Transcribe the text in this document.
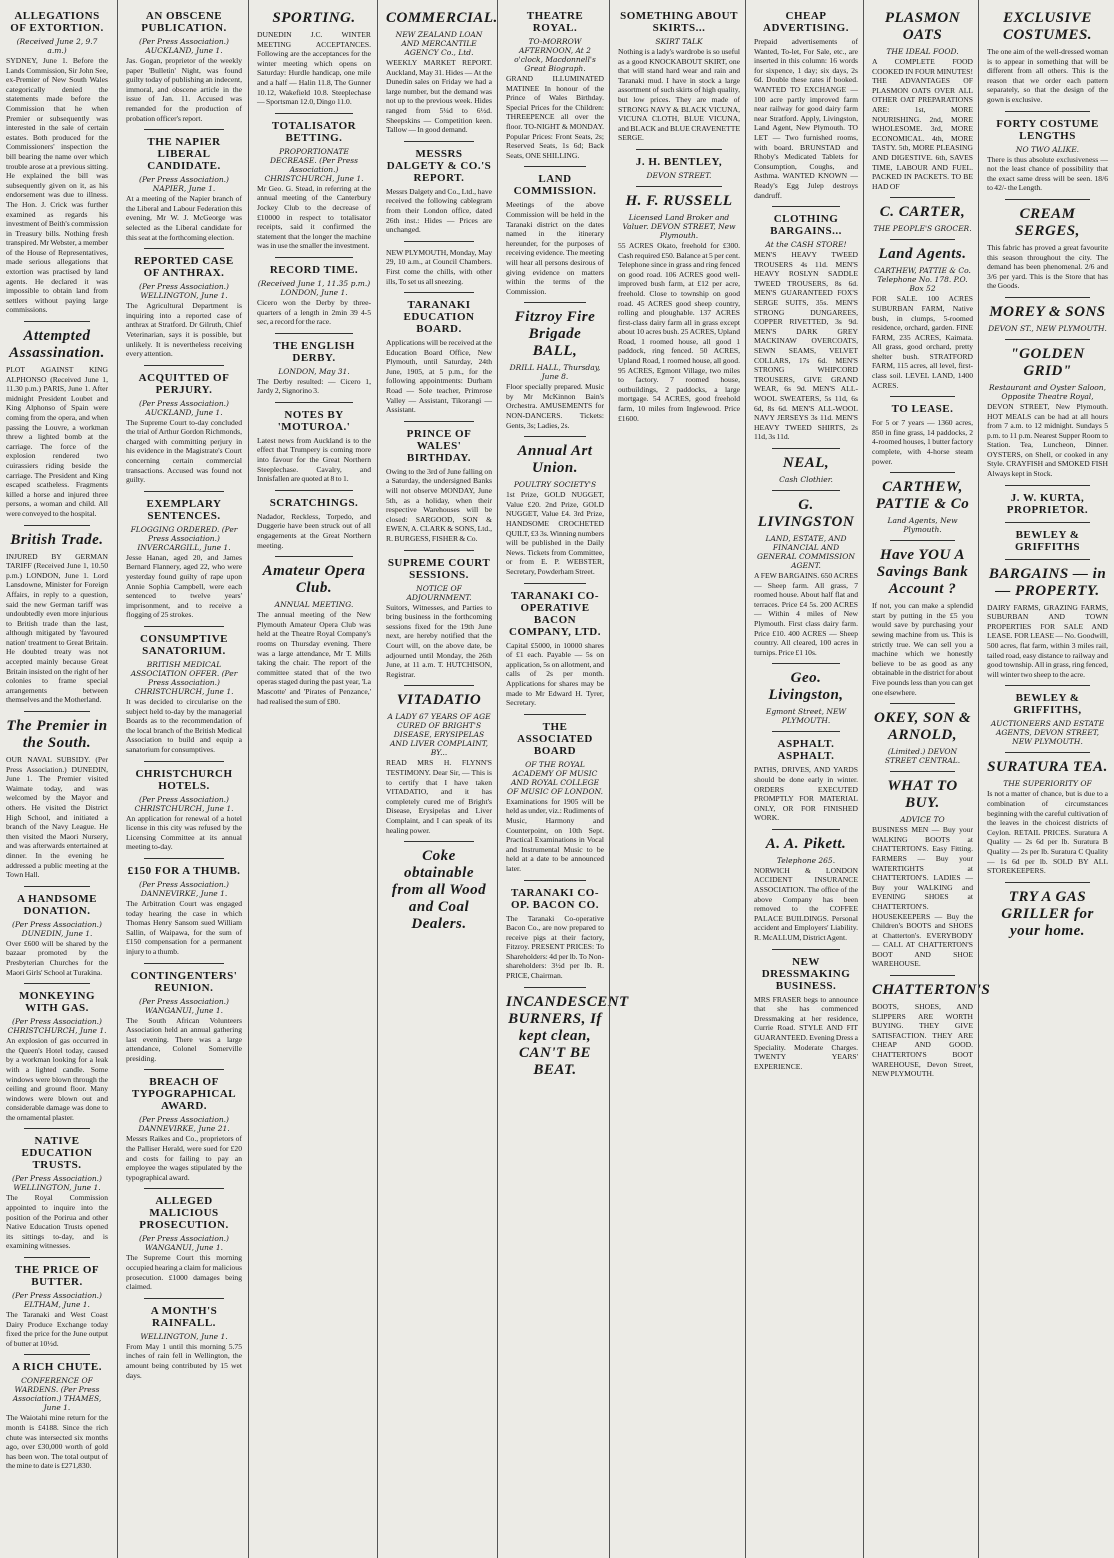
ALLEGATIONS OF EXTORTION.
(Received June 2, 9.7 a.m.)

SYDNEY, June 1. Before the Lands Commission, Sir John See, ex-Premier of New South Wales categorically denied the statements made before the Commission that he when Premier or subsequently was interested in the sale of certain estates. Both produced for the Commissioners' inspection the bill bearing the name over which trouble arose at a previous sitting. He explained the bill was subsequently given on it, as his endorsement was due to illness. The Hon. J. Crick was further examined as regards his investment of Beith's commission in Treasury bills. Nothing fresh transpired. Mr Webster, a member of the House of Representatives, made serious allegations that extortion was practised by land agents. He declared it was impossible to obtain land from settlers without paying large commissions.

Attempted Assassination.

PLOT AGAINST KING ALPHONSO (Received June 1, 11.30 p.m.) PARIS, June 1. After midnight President Loubet and King Alphonso of Spain were coming from the opera, and when passing the Louvre, a workman threw a lighted bomb at the carriage. The force of the explosion rendered two cuirassiers riding beside the carriage. The President and King escaped scatheless. Fragments killed a horse and injured three persons, a woman and child. All were conveyed to the hospital.

British Trade.

INJURED BY GERMAN TARIFF (Received June 1, 10.50 p.m.) LONDON, June 1. Lord Lansdowne, Minister for Foreign Affairs, in reply to a question, said the new German tariff was undoubtedly even more injurious to British trade than the last, although mitigated by 'favoured nation' treatment to Great Britain. He doubted treaty was not accepted mainly because Great Britain insisted on the right of her colonies to frame special arrangements between themselves and the Motherland.

The Premier in the South.

OUR NAVAL SUBSIDY. (Per Press Association.) DUNEDIN, June 1. The Premier visited Waimate today, and was welcomed by the Mayor and others. He visited the District High School, and initiated a branch of the Navy League. He then visited the Maori Nursery, and was afterwards entertained at dinner. In the evening he addressed a public meeting at the Town Hall.

A HANDSOME DONATION.
(Per Press Association.) DUNEDIN, June 1.

Over £600 will be shared by the bazaar promoted by the Presbyterian Churches for the Maori Girls' School at Turakina.

MONKEYING WITH GAS.
(Per Press Association.) CHRISTCHURCH, June 1.

An explosion of gas occurred in the Queen's Hotel today, caused by a workman looking for a leak with a lighted candle. Some windows were blown through the ceiling and ground floor. Many windows were blown out and considerable damage was done to the ornamental plaster.

NATIVE EDUCATION TRUSTS.
(Per Press Association.) WELLINGTON, June 1.

The Royal Commission appointed to inquire into the position of the Porirua and other Native Education Trusts opened its sittings to-day, and is examining witnesses.

THE PRICE OF BUTTER.
(Per Press Association.) ELTHAM, June 1.

The Taranaki and West Coast Dairy Produce Exchange today fixed the price for the June output of butter at 10½d.

A RICH CHUTE.
CONFERENCE OF WARDENS. (Per Press Association.) THAMES, June 1.

The Waiotahi mine return for the month is £4188. Since the rich chute was intersected six months ago, over £30,000 worth of gold has been won. The total output of the mine to date is £271,830.

AN OBSCENE PUBLICATION.
(Per Press Association.) AUCKLAND, June 1.

Jas. Gogan, proprietor of the weekly paper 'Bulletin' Night, was found guilty today of publishing an indecent, immoral, and obscene article in the issue of Jan. 11. Accused was remanded for the production of probation officer's report.

THE NAPIER LIBERAL CANDIDATE.
(Per Press Association.) NAPIER, June 1.

At a meeting of the Napier branch of the Liberal and Labour Federation this evening, Mr W. J. McGeorge was selected as the Liberal candidate for this seat at the forthcoming election.

REPORTED CASE OF ANTHRAX.
(Per Press Association.) WELLINGTON, June 1.

The Agricultural Department is inquiring into a reported case of anthrax at Stratford. Dr Gilruth, Chief Veterinarian, says it is possible, but unlikely. It is nevertheless receiving every attention.

ACQUITTED OF PERJURY.
(Per Press Association.) AUCKLAND, June 1.

The Supreme Court to-day concluded the trial of Arthur Gordon Richmonds, charged with committing perjury in his evidence in the Magistrate's Court concerning certain commercial transactions. Accused was found not guilty.

EXEMPLARY SENTENCES.
FLOGGING ORDERED. (Per Press Association.) INVERCARGILL, June 1.

Jesse Hanan, aged 20, and James Bernard Flannery, aged 22, who were yesterday found guilty of rape upon Annie Sophia Campbell, were each sentenced to twelve years' imprisonment, and to receive a flogging of 25 strokes.

CONSUMPTIVE SANATORIUM.
BRITISH MEDICAL ASSOCIATION OFFER. (Per Press Association.) CHRISTCHURCH, June 1.

It was decided to circularise on the subject held to-day by the managerial Boards as to the recommendation of the local branch of the British Medical Association to build and equip a sanatorium for consumptives.

CHRISTCHURCH HOTELS.
(Per Press Association.) CHRISTCHURCH, June 1.

An application for renewal of a hotel license in this city was refused by the Licensing Committee at its annual meeting to-day.

£150 FOR A THUMB.
(Per Press Association.) DANNEVIRKE, June 1.

The Arbitration Court was engaged today hearing the case in which Thomas Henry Sansom sued William Sallin, of Waipawa, for the sum of £150 compensation for a permanent injury to a thumb.

CONTINGENTERS' REUNION.
(Per Press Association.) WANGANUI, June 1.

The South African Volunteers Association held an annual gathering last evening. There was a large attendance, Colonel Somerville presiding.

BREACH OF TYPOGRAPHICAL AWARD.
(Per Press Association.) DANNEVIRKE, June 21.

Messrs Raikes and Co., proprietors of the Palliser Herald, were sued for £20 and costs for failing to pay an employee the wages stipulated by the typographical award.

ALLEGED MALICIOUS PROSECUTION.
(Per Press Association.) WANGANUI, June 1.

The Supreme Court this morning occupied hearing a claim for malicious prosecution. £1000 damages being claimed.

A MONTH'S RAINFALL.
WELLINGTON, June 1.

From May 1 until this morning 5.75 inches of rain fell in Wellington, the amount being contributed by 15 wet days.

SPORTING.

DUNEDIN J.C. WINTER MEETING ACCEPTANCES. Following are the acceptances for the winter meeting which opens on Saturday: Hurdle handicap, one mile and a half — Halin 11.8, The Gunner 10.12, Wakefield 10.8. Steeplechase — Sportsman 12.0, Dingo 11.0.

TOTALISATOR BETTING.
PROPORTIONATE DECREASE. (Per Press Association.) CHRISTCHURCH, June 1.

Mr Geo. G. Stead, in referring at the annual meeting of the Canterbury Jockey Club to the decrease of £10000 in respect to totalisator receipts, said it confirmed the statement that the longer the machine was in use the smaller the investment.

RECORD TIME.
(Received June 1, 11.35 p.m.) LONDON, June 1.

Cicero won the Derby by three-quarters of a length in 2min 39 4-5 sec, a record for the race.

THE ENGLISH DERBY.
LONDON, May 31.

The Derby resulted: — Cicero 1, Jardy 2, Signorino 3.

NOTES BY 'MOTUROA.'

Latest news from Auckland is to the effect that Trumpery is coming more into favour for the Great Northern Steeplechase. Cavalry, and Innisfallen are quoted at 8 to 1.

SCRATCHINGS.

Nadador, Reckless, Torpedo, and Duggerie have been struck out of all engagements at the Great Northern meeting.

Amateur Opera Club.
ANNUAL MEETING.

The annual meeting of the New Plymouth Amateur Opera Club was held at the Theatre Royal Company's rooms on Thursday evening. There was a large attendance, Mr T. Mills taking the chair. The report of the committee stated that of the two operas staged during the past year, 'La Mascotte' and 'Pirates of Penzance,' had realised the sum of £80.

COMMERCIAL.
NEW ZEALAND LOAN AND MERCANTILE AGENCY Co., Ltd.

WEEKLY MARKET REPORT. Auckland, May 31. Hides — At the Dunedin sales on Friday we had a large number, but the demand was not up to the previous week. Hides ranged from 5¼d to 6½d. Sheepskins — Competition keen. Tallow — In good demand.

MESSRS DALGETY & CO.'S REPORT.

Messrs Dalgety and Co., Ltd., have received the following cablegram from their London office, dated 26th inst.: Hides — Prices are unchanged.

NEW PLYMOUTH, Monday, May 29, 10 a.m., at Council Chambers. First come the chills, with other ills, To set us all sneezing.

TARANAKI EDUCATION BOARD.

Applications will be received at the Education Board Office, New Plymouth, until Saturday, 24th June, 1905, at 5 p.m., for the following appointments: Durham Road — Sole teacher, Primrose Valley — Assistant, Tikorangi — Assistant.

PRINCE OF WALES' BIRTHDAY.

Owing to the 3rd of June falling on a Saturday, the undersigned Banks will not observe MONDAY, June 5th, as a holiday, when their respective Warehouses will be closed: SARGOOD, SON & EWEN, A. CLARK & SONS, Ltd., R. BURGESS, FISHER & Co.

SUPREME COURT SESSIONS.
NOTICE OF ADJOURNMENT.

Suitors, Witnesses, and Parties to bring business in the forthcoming sessions fixed for the 19th June next, are hereby notified that the Court will, on the above date, be adjourned until Monday, the 26th June, at 11 a.m. T. HUTCHISON, Registrar.

VITADATIO
A LADY 67 YEARS OF AGE CURED OF BRIGHT'S DISEASE, ERYSIPELAS AND LIVER COMPLAINT, BY...

READ MRS H. FLYNN'S TESTIMONY. Dear Sir, — This is to certify that I have taken VITADATIO, and it has completely cured me of Bright's Disease, Erysipelas and Liver Complaint, and I can speak of its healing power.

Coke obtainable from all Wood and Coal Dealers.
THEATRE ROYAL.
TO-MORROW AFTERNOON, At 2 o'clock, Macdonnell's Great Biograph.

GRAND ILLUMINATED MATINEE In honour of the Prince of Wales Birthday. Special Prices for the Children: THREEPENCE all over the floor. TO-NIGHT & MONDAY. Popular Prices: Front Seats, 2s; Reserved Seats, 1s 6d; Back Seats, ONE SHILLING.

LAND COMMISSION.

Meetings of the above Commission will be held in the Taranaki district on the dates named in the itinerary hereunder, for the purposes of receiving evidence. The meeting will hear all persons desirous of giving evidence on matters within the terms of the Commission.

Fitzroy Fire Brigade BALL,
DRILL HALL, Thursday, June 8.

Floor specially prepared. Music by Mr McKinnon Bain's Orchestra. AMUSEMENTS for NON-DANCERS. Tickets: Gents, 3s; Ladies, 2s.

Annual Art Union.
POULTRY SOCIETY'S

1st Prize, GOLD NUGGET, Value £20. 2nd Prize, GOLD NUGGET, Value £4. 3rd Prize, HANDSOME CROCHETED QUILT, £3 3s. Winning numbers will be published in the Daily News. Tickets from Committee, or from E. P. WEBSTER, Secretary, Powderham Street.

TARANAKI CO-OPERATIVE BACON COMPANY, LTD.

Capital £5000, in 10000 shares of £1 each. Payable — 5s on application, 5s on allotment, and calls of 2s per month. Applications for shares may be made to Mr Edward H. Tyrer, Secretary.

THE ASSOCIATED BOARD
OF THE ROYAL ACADEMY OF MUSIC AND ROYAL COLLEGE OF MUSIC OF LONDON.

Examinations for 1905 will be held as under, viz.: Rudiments of Music, Harmony and Counterpoint, on 10th Sept. Practical Examinations in Vocal and Instrumental Music to be held at a date to be announced later.

TARANAKI CO-OP. BACON CO.

The Taranaki Co-operative Bacon Co., are now prepared to receive pigs at their factory, Fitzroy. PRESENT PRICES: To Shareholders: 4d per lb. To Non-shareholders: 3½d per lb. R. PRICE, Chairman.

INCANDESCENT BURNERS, If kept clean, CAN'T BE BEAT.
SOMETHING ABOUT SKIRTS...
SKIRT TALK

Nothing is a lady's wardrobe is so useful as a good KNOCKABOUT SKIRT, one that will stand hard wear and rain and Taranaki mud. I have in stock a large assortment of such skirts of high quality, but low prices. They are made of STRONG NAVY & BLACK VICUNA, VICUNA CLOTH, BLUE VICUNA, and BLACK and BLUE CRAVENETTE SERGE.

J. H. BENTLEY,
DEVON STREET.
H. F. RUSSELL
Licensed Land Broker and Valuer. DEVON STREET, New Plymouth.

55 ACRES Okato, freehold for £300. Cash required £50. Balance at 5 per cent. Telephone since in grass and ring fenced on good road. 106 ACRES good well-improved bush farm, at £12 per acre, freehold. Close to township on good road. 45 ACRES good sheep country, rolling and ploughable. 137 ACRES first-class dairy farm all in grass except about 10 acres bush. 25 ACRES, Upland Road, 1 roomed house, all good 1 paddock, ring fenced. 50 ACRES, Upland Road, 1 roomed house, all good. 95 ACRES, Egmont Village, two miles to factory. 7 roomed house, outbuildings, 2 paddocks, a large mortgage. 54 ACRES, good freehold farm, 10 miles from Inglewood. Price £1600.

CHEAP ADVERTISING.

Prepaid advertisements of Wanted, To-let, For Sale, etc., are inserted in this column: 16 words for sixpence, 1 day; six days, 2s 6d. Double these rates if booked. WANTED TO EXCHANGE — 100 acre partly improved farm near railway for good dairy farm near Stratford. Apply, Livingston, Land Agent, New Plymouth. TO LET — Two furnished rooms, with board. BRUNSTAD and Rhoby's Medicated Tablets for Consumption, Coughs, and Asthma. WANTED KNOWN — Ready's Egg Julep destroys dandruff.

CLOTHING BARGAINS...
At the CASH STORE!

MEN'S HEAVY TWEED TROUSERS 4s 11d. MEN'S HEAVY ROSLYN SADDLE TWEED TROUSERS, 8s 6d. MEN'S GUARANTEED FOX'S SERGE SUITS, 35s. MEN'S STRONG DUNGAREES, COPPER RIVETTED, 3s 9d. MEN'S DARK GREY MACKINAW OVERCOATS, SEWN SEAMS, VELVET COLLARS, 17s 6d. MEN'S STRONG WHIPCORD TROUSERS, GIVE GRAND WEAR, 6s 9d. MEN'S ALL-WOOL SWEATERS, 5s 11d, 6s 6d, 8s 6d. MEN'S ALL-WOOL NAVY JERSEYS 3s 11d. MEN'S HEAVY TWEED SHIRTS, 2s 11d, 3s 11d.

NEAL,
Cash Clothier.
G. LIVINGSTON
LAND, ESTATE, AND FINANCIAL AND GENERAL COMMISSION AGENT.

A FEW BARGAINS. 650 ACRES — Sheep farm. All grass, 7 roomed house. About half flat and terraces. Price £4 5s. 200 ACRES — Within 4 miles of New Plymouth. First class dairy farm. Price £10. 400 ACRES — Sheep country. All cleared, 100 acres in turnips. Price £1 10s.

Geo. Livingston,
Egmont Street, NEW PLYMOUTH.
ASPHALT. ASPHALT.

PATHS, DRIVES, AND YARDS should be done early in winter. ORDERS EXECUTED PROMPTLY FOR MATERIAL ONLY, OR FOR FINISHED WORK.

A. A. Pikett.
Telephone 265.

NORWICH & LONDON ACCIDENT INSURANCE ASSOCIATION. The office of the above Company has been removed to the COFFEE PALACE BUILDINGS. Personal accident and Employers' Liability. R. McALLUM, District Agent.

NEW DRESSMAKING BUSINESS.

MRS FRASER begs to announce that she has commenced Dressmaking at her residence, Currie Road. STYLE AND FIT GUARANTEED. Evening Dress a Speciality. Moderate Charges. TWENTY YEARS' EXPERIENCE.

PLASMON OATS
THE IDEAL FOOD.

A COMPLETE FOOD COOKED IN FOUR MINUTES! THE ADVANTAGES OF PLASMON OATS OVER ALL OTHER OAT PREPARATIONS ARE: 1st, MORE NOURISHING. 2nd, MORE WHOLESOME. 3rd, MORE ECONOMICAL. 4th, MORE TASTY. 5th, MORE PLEASING AND DIGESTIVE. 6th, SAVES TIME, LABOUR AND FUEL. PACKED IN PACKETS. TO BE HAD OF

C. CARTER,
THE PEOPLE'S GROCER.
Land Agents.
CARTHEW, PATTIE & Co. Telephone No. 178. P.O. Box 52

FOR SALE. 100 ACRES SUBURBAN FARM, Native bush, in clumps, 5-roomed residence, orchard, garden. FINE FARM, 235 ACRES, Kaimata. All grass, good orchard, pretty shelter bush. STRATFORD FARM, 115 acres, all level, first-class soil. LEVEL LAND, 1400 ACRES.

TO LEASE.

For 5 or 7 years — 1360 acres, 850 in fine grass, 14 paddocks, 2 4-roomed houses, 1 butter factory complete, with 4-horse steam power.

CARTHEW, PATTIE & Co
Land Agents, New Plymouth.
Have YOU A Savings Bank Account ?

If not, you can make a splendid start by putting in the £5 you would save by purchasing your sewing machine from us. This is strictly true. We can sell you a machine which we honestly believe to be as good as any obtainable in the district for about Five pounds less than you can get one elsewhere.

OKEY, SON & ARNOLD,
(Limited.) DEVON STREET CENTRAL.
WHAT TO BUY.
ADVICE TO

BUSINESS MEN — Buy your WALKING BOOTS at CHATTERTON'S. Easy Fitting. FARMERS — Buy your WATERTIGHTS at CHATTERTON'S. LADIES — Buy your WALKING and EVENING SHOES at CHATTERTON'S. HOUSEKEEPERS — Buy the Children's BOOTS and SHOES at Chatterton's. EVERYBODY — CALL AT CHATTERTON'S BOOT AND SHOE WAREHOUSE.

CHATTERTON'S

BOOTS, SHOES, AND SLIPPERS ARE WORTH BUYING. THEY GIVE SATISFACTION. THEY ARE CHEAP AND GOOD. CHATTERTON'S BOOT WAREHOUSE, Devon Street, NEW PLYMOUTH.

EXCLUSIVE COSTUMES.

The one aim of the well-dressed woman is to appear in something that will be different from all others. This is the reason that we order each pattern separately, so that the design of the gown is exclusive.

FORTY COSTUME LENGTHS
NO TWO ALIKE.

There is thus absolute exclusiveness — not the least chance of possibility that the exact same dress will be seen. 18/6 to 42/- the Length.

CREAM SERGES,

This fabric has proved a great favourite this season throughout the city. The demand has been phenomenal. 2/6 and 3/6 per yard. This is the Store that has the Goods.

MOREY & SONS
DEVON ST., NEW PLYMOUTH.
"GOLDEN GRID"
Restaurant and Oyster Saloon, Opposite Theatre Royal,

DEVON STREET, New Plymouth. HOT MEALS can be had at all hours from 7 a.m. to 12 midnight. Sundays 5 p.m. to 11 p.m. Nearest Supper Room to Station. Tea, Luncheon, Dinner. OYSTERS, on Shell, or cooked in any Style. CRAYFISH and SMOKED FISH Always kept in Stock.

J. W. KURTA, PROPRIETOR.
BEWLEY & GRIFFITHS
BARGAINS — in — PROPERTY.

DAIRY FARMS, GRAZING FARMS, SUBURBAN AND TOWN PROPERTIES FOR SALE AND LEASE. FOR LEASE — No. Goodwill, 500 acres, flat farm, within 3 miles rail, tailed road, easy distance to railway and good township. All in grass, ring fenced, will winter two sheep to the acre.

BEWLEY & GRIFFITHS,
AUCTIONEERS AND ESTATE AGENTS, DEVON STREET, NEW PLYMOUTH.
SURATURA TEA.
THE SUPERIORITY OF

Is not a matter of chance, but is due to a combination of circumstances beginning with the careful cultivation of the leaves in the choicest districts of Ceylon. RETAIL PRICES. Suratura A Quality — 2s 6d per lb. Suratura B Quality — 2s per lb. Suratura C Quality — 1s 6d per lb. SOLD BY ALL STOREKEEPERS.

TRY A GAS GRILLER for your home.
